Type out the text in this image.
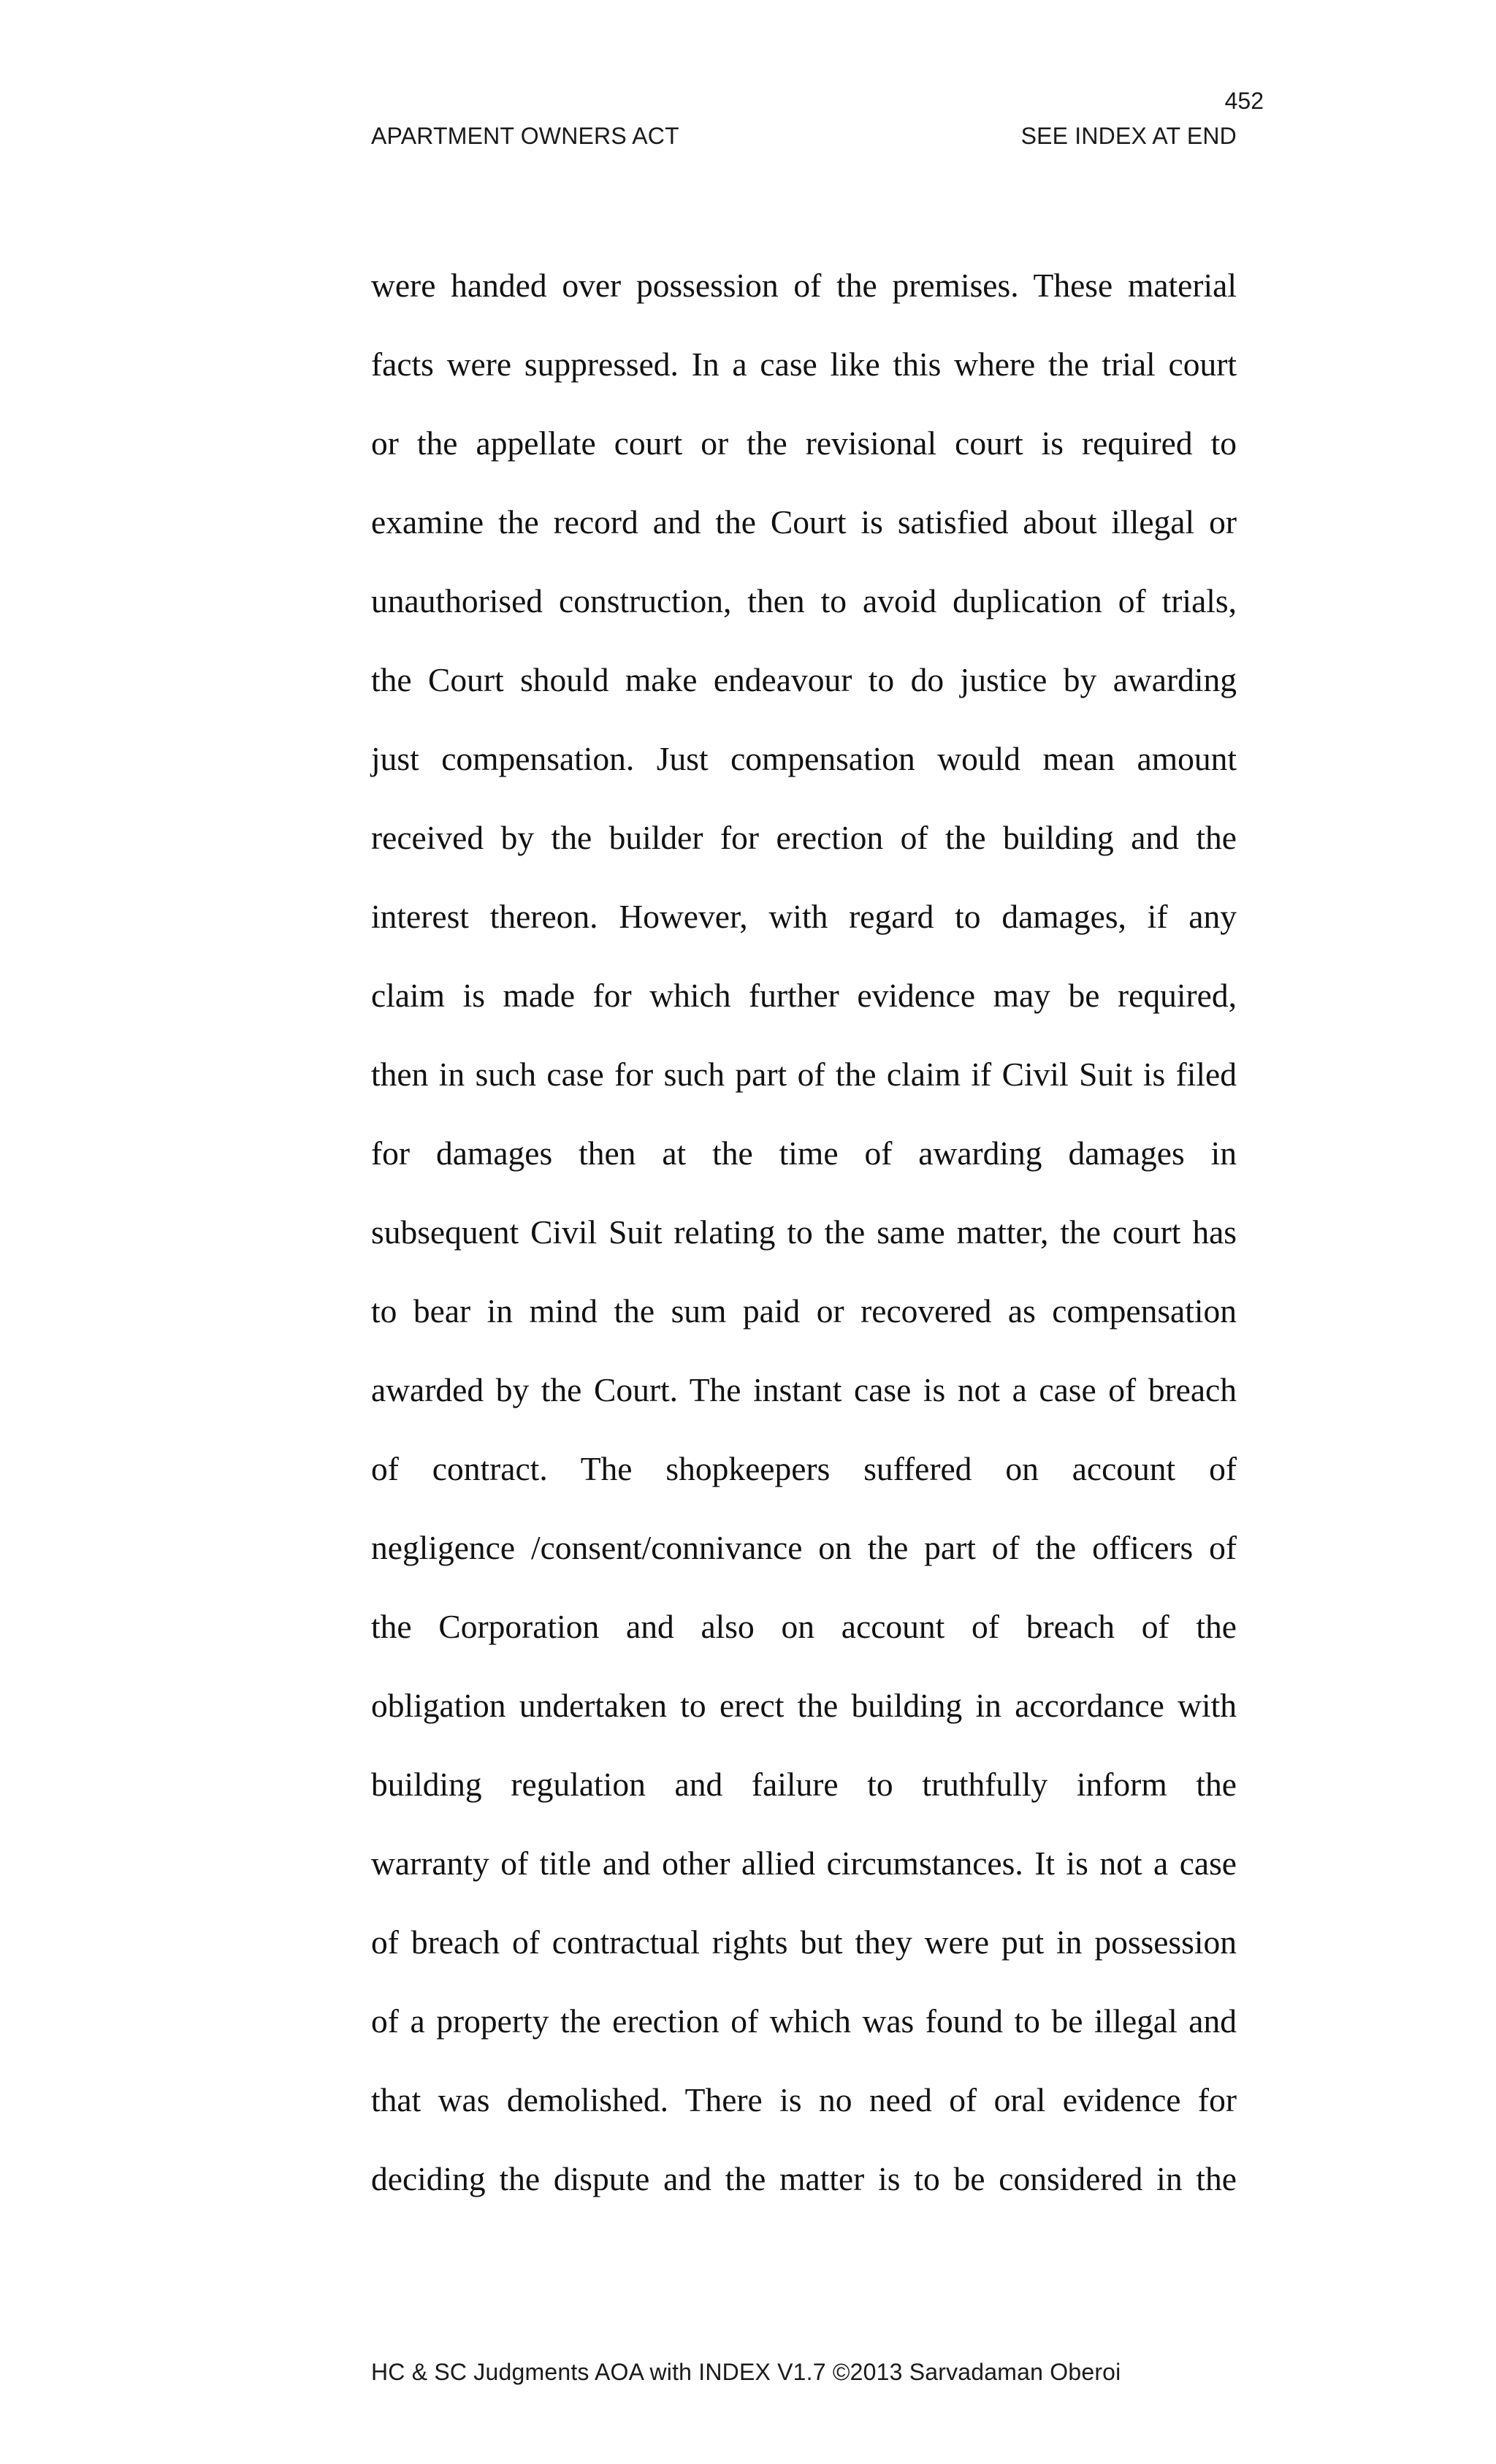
452
APARTMENT OWNERS ACT	SEE INDEX AT END
were handed over possession of the premises. These material
facts were suppressed. In a case like this where the trial court
or the appellate court or the revisional court is required to
examine the record and the Court is satisfied about illegal or
unauthorised construction, then to avoid duplication of trials,
the Court should make endeavour to do justice by awarding
just compensation. Just compensation would mean amount
received by the builder for erection of the building and the
interest thereon. However, with regard to damages, if any
claim is made for which further evidence may be required,
then in such case for such part of the claim if Civil Suit is filed
for damages then at the time of awarding damages in
subsequent Civil Suit relating to the same matter, the court has
to bear in mind the sum paid or recovered as compensation
awarded by the Court. The instant case is not a case of breach
of contract. The shopkeepers suffered on account of
negligence /consent/connivance on the part of the officers of
the Corporation and also on account of breach of the
obligation undertaken to erect the building in accordance with
building regulation and failure to truthfully inform the
warranty of title and other allied circumstances. It is not a case
of breach of contractual rights but they were put in possession
of a property the erection of which was found to be illegal and
that was demolished. There is no need of oral evidence for
deciding the dispute and the matter is to be considered in the
HC & SC Judgments AOA with INDEX V1.7 ©2013 Sarvadaman Oberoi
